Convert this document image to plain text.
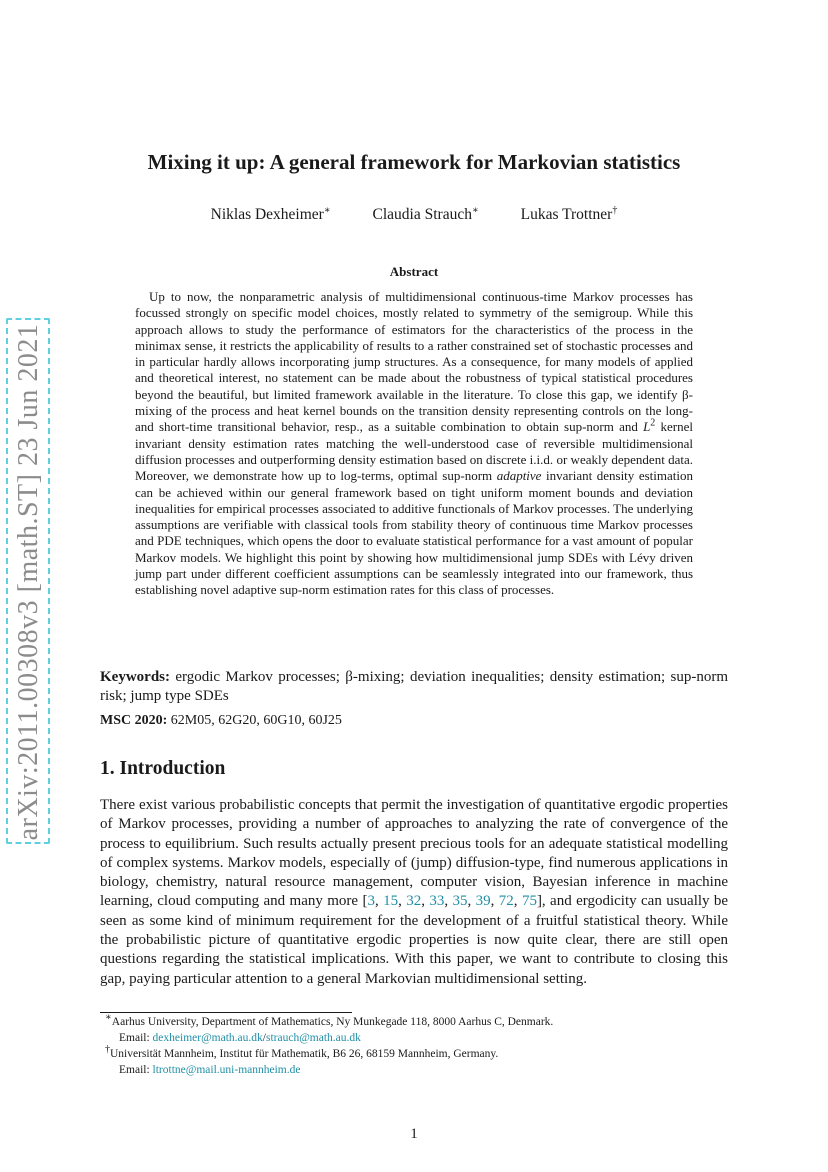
arXiv:2011.00308v3 [math.ST] 23 Jun 2021
Mixing it up: A general framework for Markovian statistics
Niklas Dexheimer∗	Claudia Strauch∗	Lukas Trottner†
Abstract
Up to now, the nonparametric analysis of multidimensional continuous-time Markov processes has focussed strongly on specific model choices, mostly related to symmetry of the semigroup. While this approach allows to study the performance of estimators for the characteristics of the process in the minimax sense, it restricts the applicability of results to a rather constrained set of stochastic processes and in particular hardly allows incorporating jump structures. As a consequence, for many models of applied and theoretical interest, no statement can be made about the robustness of typical statistical procedures beyond the beautiful, but limited framework available in the literature. To close this gap, we identify β-mixing of the process and heat kernel bounds on the transition density representing controls on the long- and short-time transitional behavior, resp., as a suitable combination to obtain sup-norm and $L^2$ kernel invariant density estimation rates matching the well-understood case of reversible multidimensional diffusion processes and outperforming density estimation based on discrete i.i.d. or weakly dependent data. Moreover, we demonstrate how up to log-terms, optimal sup-norm adaptive invariant density estimation can be achieved within our general framework based on tight uniform moment bounds and deviation inequalities for empirical processes associated to additive functionals of Markov processes. The underlying assumptions are verifiable with classical tools from stability theory of continuous time Markov processes and PDE techniques, which opens the door to evaluate statistical performance for a vast amount of popular Markov models. We highlight this point by showing how multidimensional jump SDEs with Lévy driven jump part under different coefficient assumptions can be seamlessly integrated into our framework, thus establishing novel adaptive sup-norm estimation rates for this class of processes.
Keywords: ergodic Markov processes; β-mixing; deviation inequalities; density estimation; sup-norm risk; jump type SDEs
MSC 2020: 62M05, 62G20, 60G10, 60J25
1. Introduction
There exist various probabilistic concepts that permit the investigation of quantitative ergodic properties of Markov processes, providing a number of approaches to analyzing the rate of convergence of the process to equilibrium. Such results actually present precious tools for an adequate statistical modelling of complex systems. Markov models, especially of (jump) diffusion-type, find numerous applications in biology, chemistry, natural resource management, computer vision, Bayesian inference in machine learning, cloud computing and many more [3, 15, 32, 33, 35, 39, 72, 75], and ergodicity can usually be seen as some kind of minimum requirement for the development of a fruitful statistical theory. While the probabilistic picture of quantitative ergodic properties is now quite clear, there are still open questions regarding the statistical implications. With this paper, we want to contribute to closing this gap, paying particular attention to a general Markovian multidimensional setting.

∗Aarhus University, Department of Mathematics, Ny Munkegade 118, 8000 Aarhus C, Denmark.

Email: dexheimer@math.au.dk/strauch@math.au.dk

†Universität Mannheim, Institut für Mathematik, B6 26, 68159 Mannheim, Germany.

Email: ltrottne@mail.uni-mannheim.de

1
